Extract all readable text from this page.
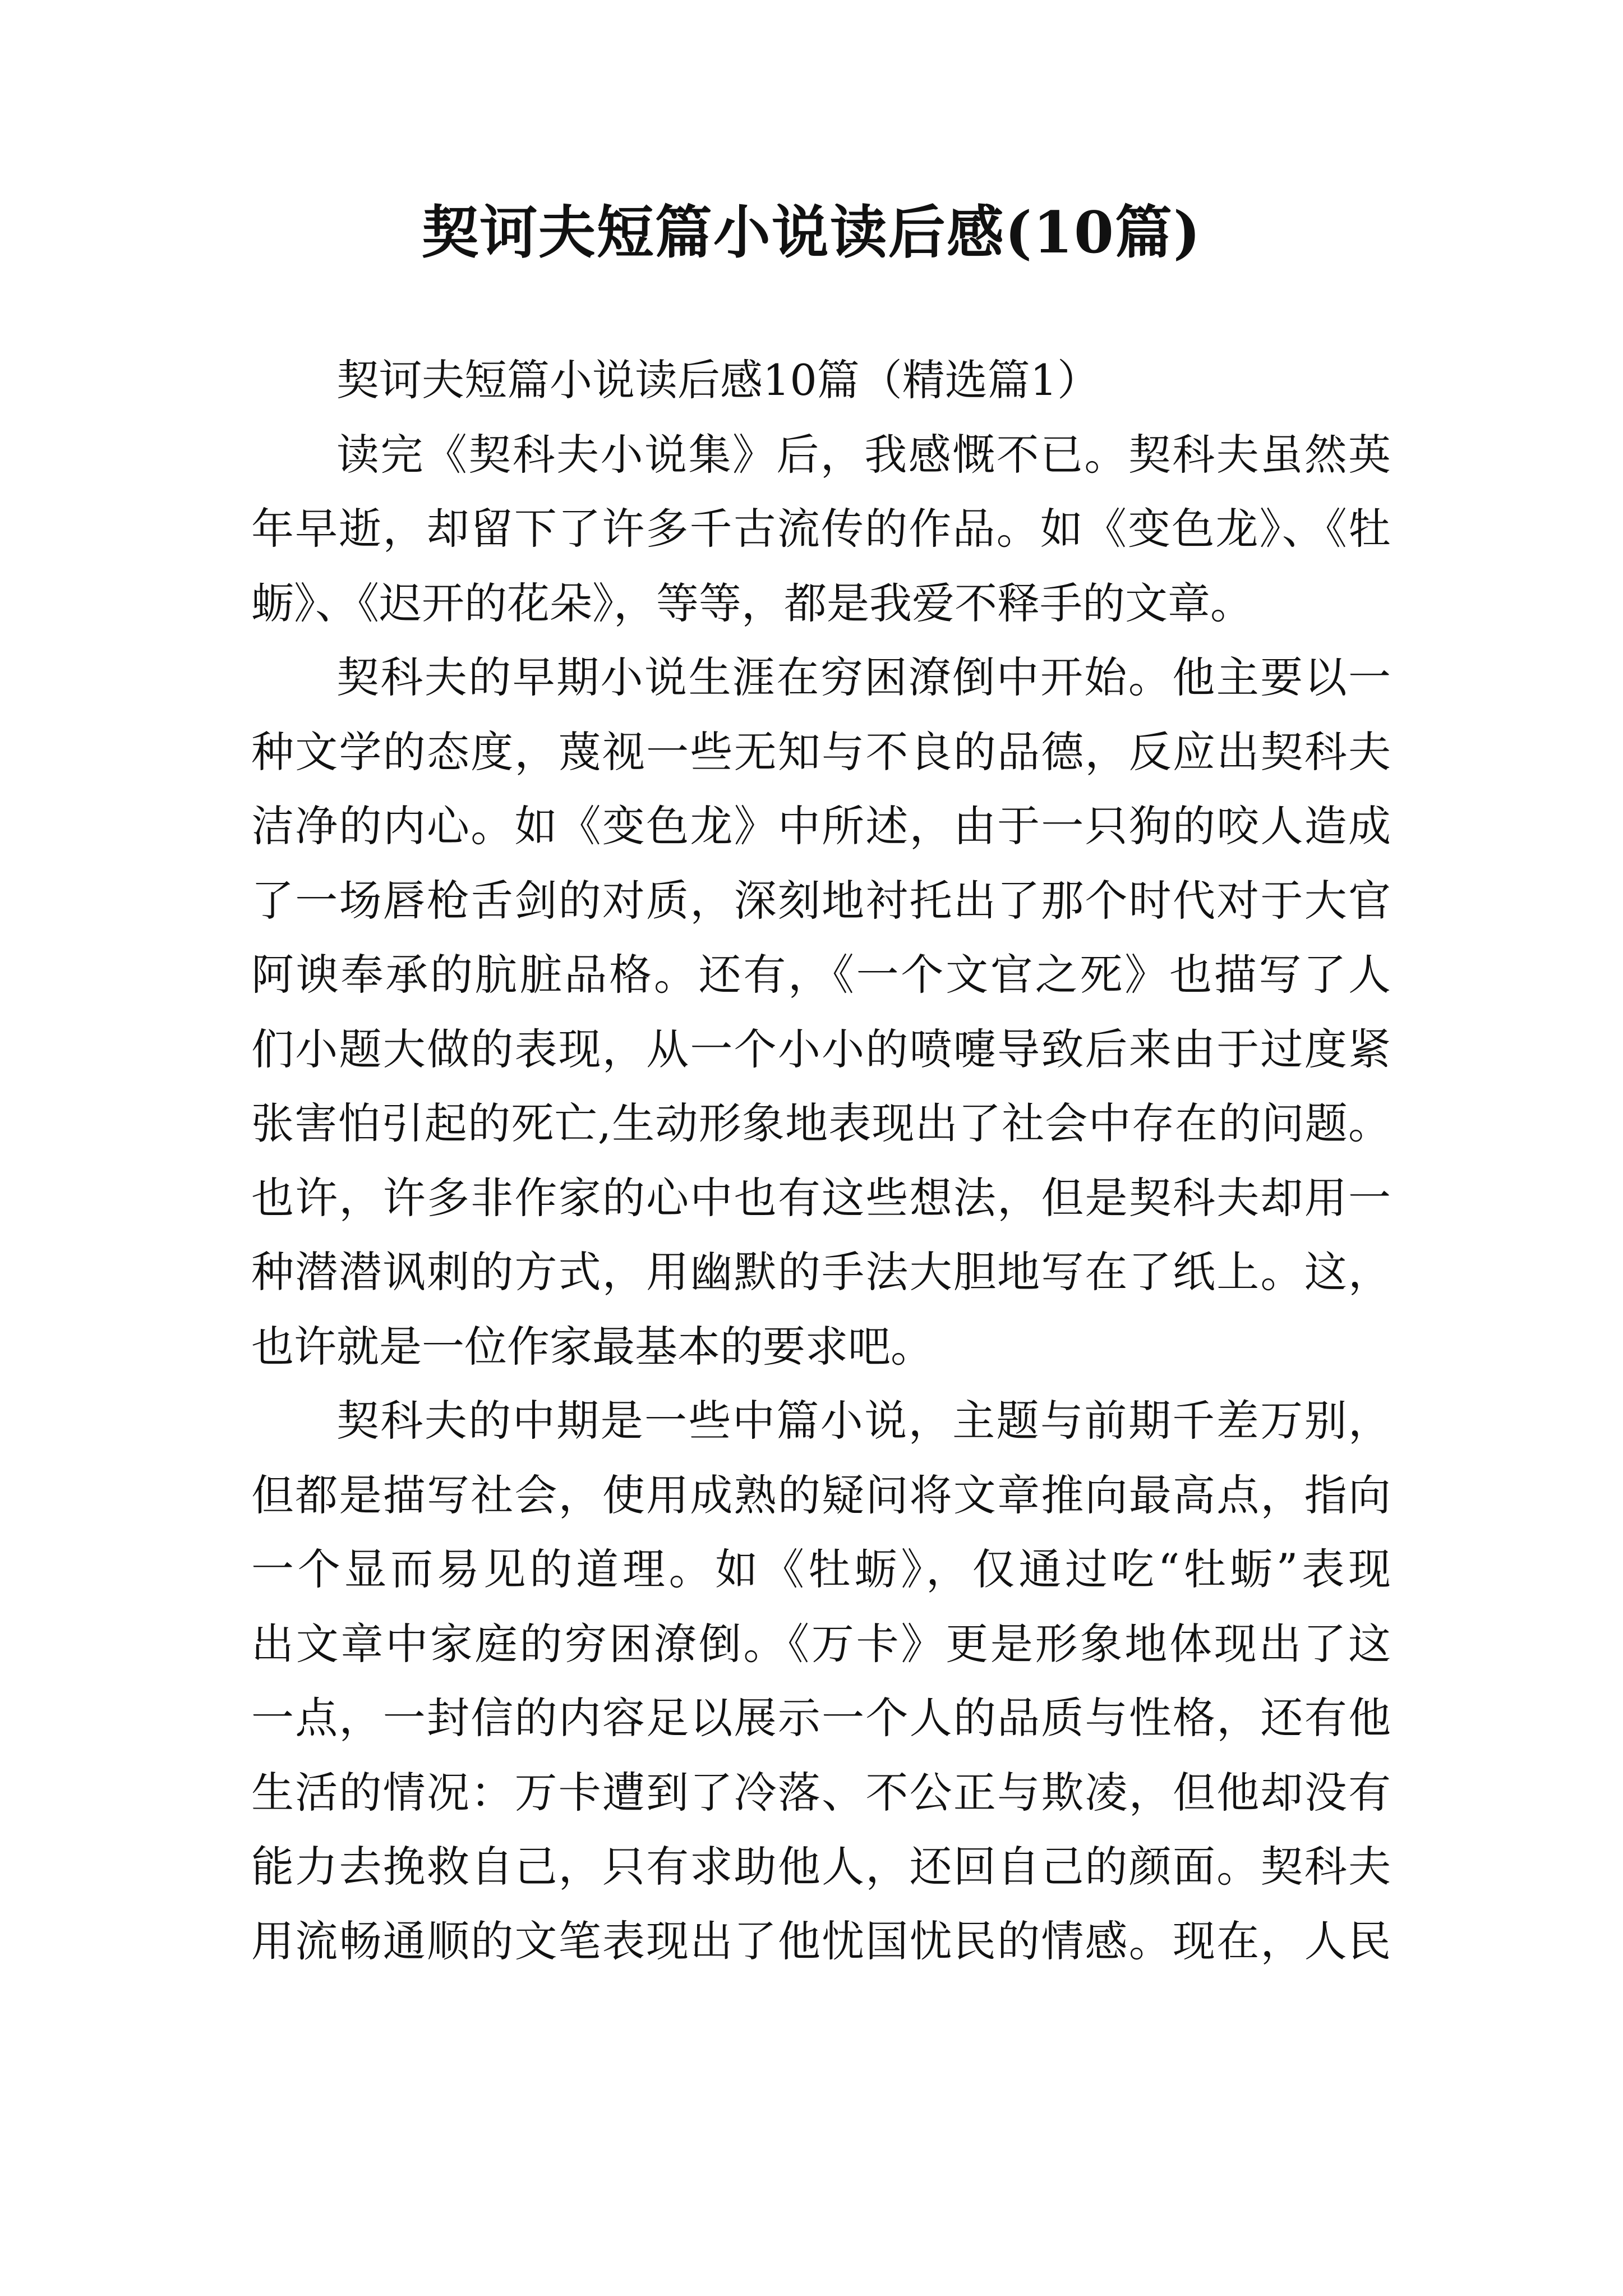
契诃夫短篇小说读后感(10篇)
契诃夫短篇小说读后感10篇（精选篇1）
读完《契科夫小说集》后，我感慨不已。契科夫虽然英
年早逝，却留下了许多千古流传的作品。如《变色龙》、《牡
蛎》、《迟开的花朵》，等等，都是我爱不释手的文章。
契科夫的早期小说生涯在穷困潦倒中开始。他主要以一
种文学的态度，蔑视一些无知与不良的品德，反应出契科夫
洁净的内心。如《变色龙》中所述，由于一只狗的咬人造成
了一场唇枪舌剑的对质，深刻地衬托出了那个时代对于大官
阿谀奉承的肮脏品格。还有，《一个文官之死》也描写了人
们小题大做的表现，从一个小小的喷嚏导致后来由于过度紧
张害怕引起的死亡,生动形象地表现出了社会中存在的问题。
也许，许多非作家的心中也有这些想法，但是契科夫却用一
种潜潜讽刺的方式，用幽默的手法大胆地写在了纸上。这，
也许就是一位作家最基本的要求吧。
契科夫的中期是一些中篇小说，主题与前期千差万别，
但都是描写社会，使用成熟的疑问将文章推向最高点，指向
一个显而易见的道理。如《牡蛎》，仅通过吃“牡蛎”表现
出文章中家庭的穷困潦倒。《万卡》更是形象地体现出了这
一点，一封信的内容足以展示一个人的品质与性格，还有他
生活的情况：万卡遭到了冷落、不公正与欺凌，但他却没有
能力去挽救自己，只有求助他人，还回自己的颜面。契科夫
用流畅通顺的文笔表现出了他忧国忧民的情感。现在，人民
